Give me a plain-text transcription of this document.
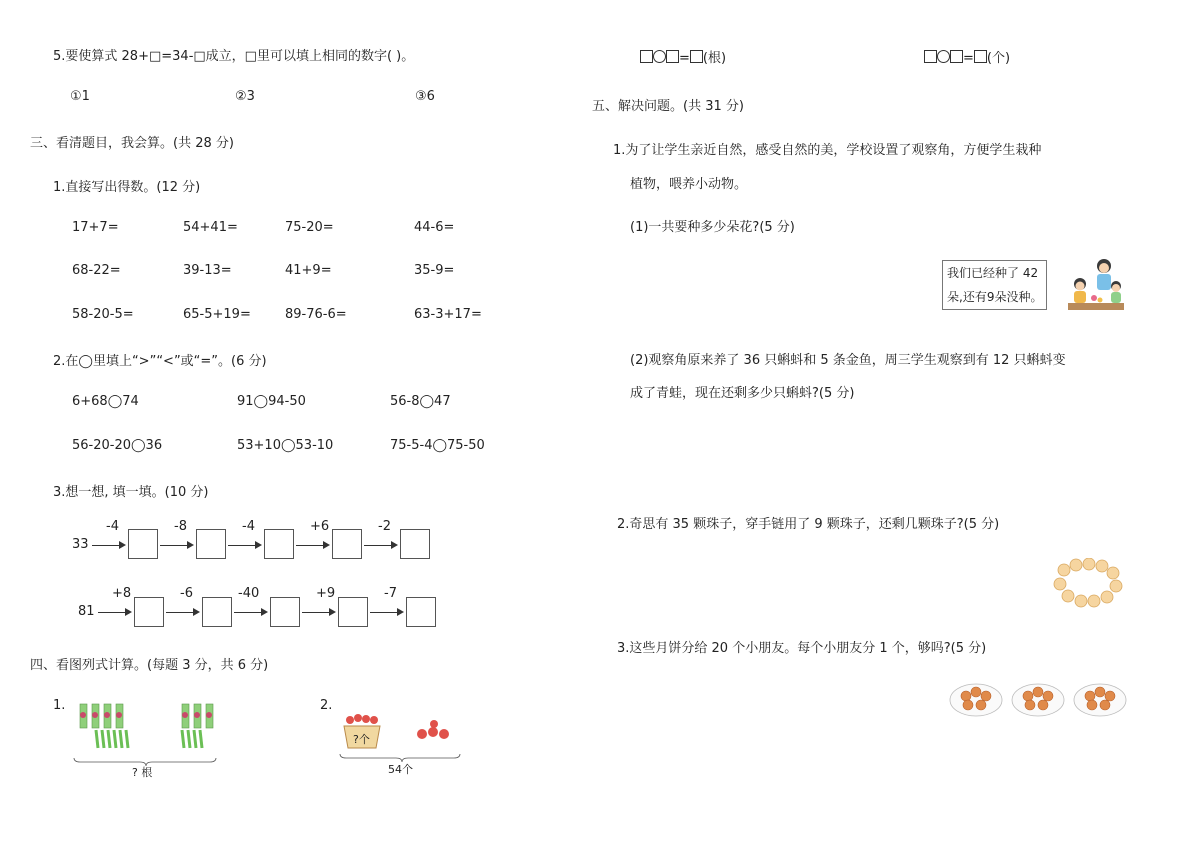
5.要使算式 28+□=34-□成立，□里可以填上相同的数字( )。
①1	②3	③6
三、看清题目，我会算。(共 28 分)
1.直接写出得数。(12 分)
17+7=	54+41=	75-20=	44-6=
68-22=	39-13=	41+9=	35-9=
58-20-5=	65-5+19=	89-76-6=	63-3+17=
2.在◯里填上“>”“<”或“=”。(6 分)
6+68◯74	91◯94-50	56-8◯47
56-20-20◯36	53+10◯53-10	75-5-4◯75-50
3.想一想, 填一填。(10 分)
33
-4	-8	-4	+6	-2
81
+8	-6	-40	+9	-7
四、看图列式计算。(每题 3 分，共 6 分)
1.
? 根
2.
?个
54个
= (根)	= (个)
五、解决问题。(共 31 分)
1.为了让学生亲近自然，感受自然的美，学校设置了观察角，方便学生栽种
植物，喂养小动物。
(1)一共要种多少朵花?(5 分)
我们已经种了 42
朵,还有9朵没种。
(2)观察角原来养了 36 只蝌蚪和 5 条金鱼，周三学生观察到有 12 只蝌蚪变
成了青蛙，现在还剩多少只蝌蚪?(5 分)
2.奇思有 35 颗珠子，穿手链用了 9 颗珠子，还剩几颗珠子?(5 分)
3.这些月饼分给 20 个小朋友。每个小朋友分 1 个，够吗?(5 分)
